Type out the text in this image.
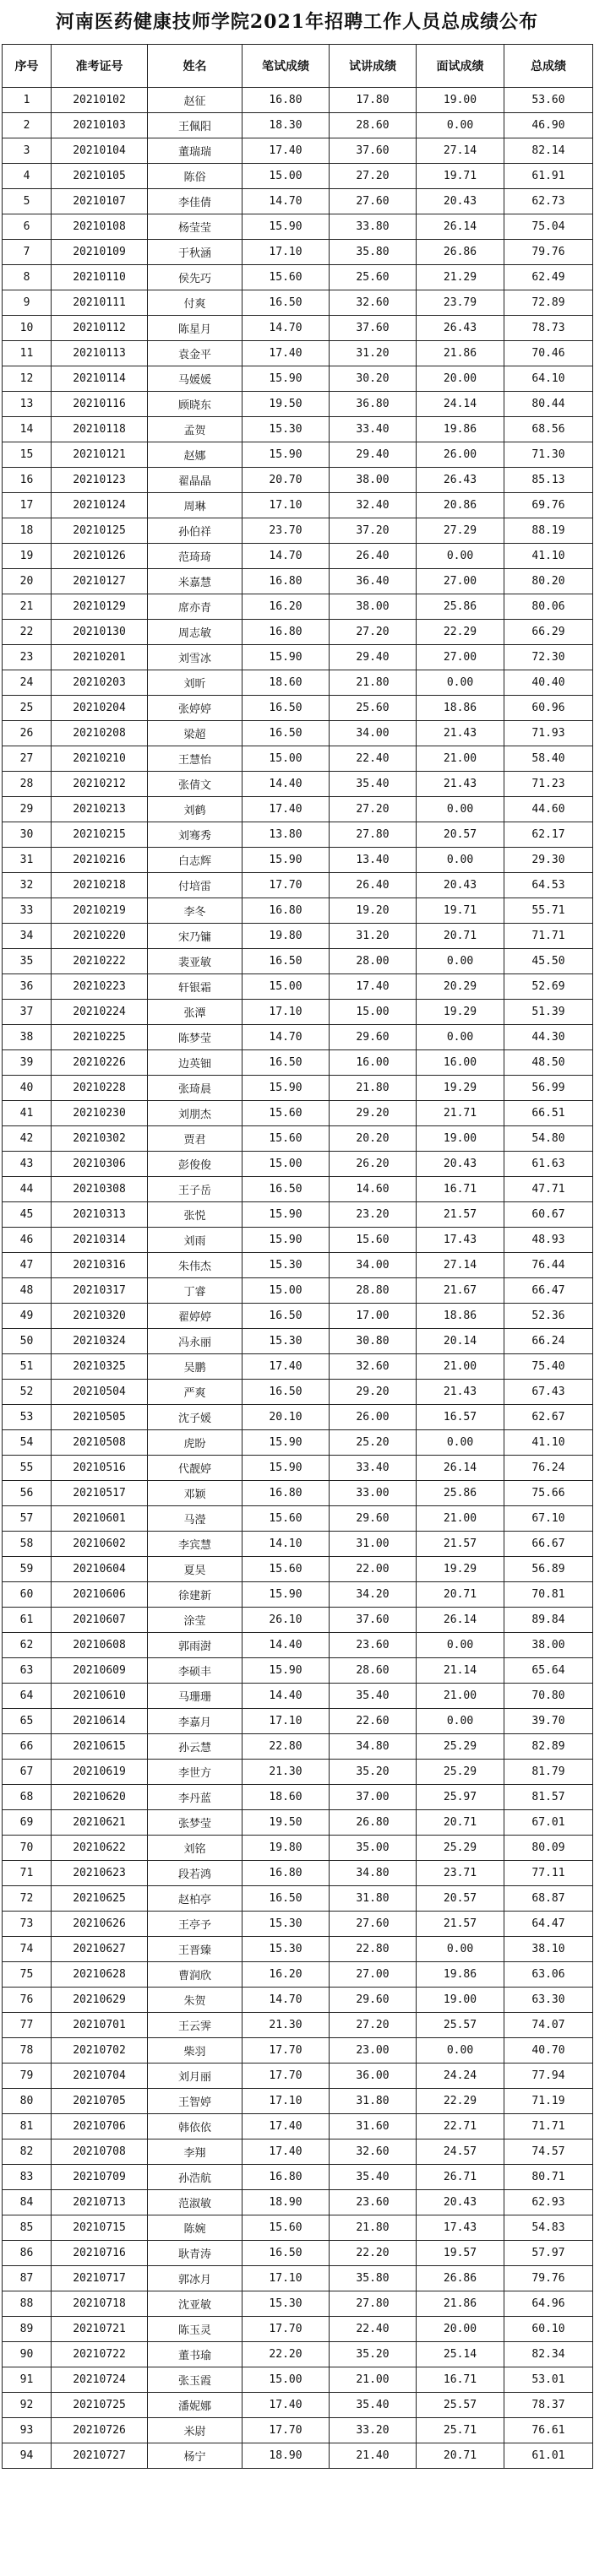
河南医药健康技师学院2021年招聘工作人员总成绩公布
序号	准考证号	姓名	笔试成绩	试讲成绩	面试成绩	总成绩
1	20210102	赵征	16.80	17.80	19.00	53.60
2	20210103	王佩阳	18.30	28.60	0.00	46.90
3	20210104	董瑞瑞	17.40	37.60	27.14	82.14
4	20210105	陈俗	15.00	27.20	19.71	61.91
5	20210107	李佳倩	14.70	27.60	20.43	62.73
6	20210108	杨莹莹	15.90	33.80	26.14	75.04
7	20210109	于秋涵	17.10	35.80	26.86	79.76
8	20210110	侯先巧	15.60	25.60	21.29	62.49
9	20210111	付爽	16.50	32.60	23.79	72.89
10	20210112	陈星月	14.70	37.60	26.43	78.73
11	20210113	袁金平	17.40	31.20	21.86	70.46
12	20210114	马媛媛	15.90	30.20	20.00	64.10
13	20210116	顾晓东	19.50	36.80	24.14	80.44
14	20210118	孟贺	15.30	33.40	19.86	68.56
15	20210121	赵娜	15.90	29.40	26.00	71.30
16	20210123	翟晶晶	20.70	38.00	26.43	85.13
17	20210124	周琳	17.10	32.40	20.86	69.76
18	20210125	孙伯祥	23.70	37.20	27.29	88.19
19	20210126	范琦琦	14.70	26.40	0.00	41.10
20	20210127	米嘉慧	16.80	36.40	27.00	80.20
21	20210129	席亦青	16.20	38.00	25.86	80.06
22	20210130	周志敏	16.80	27.20	22.29	66.29
23	20210201	刘雪冰	15.90	29.40	27.00	72.30
24	20210203	刘昕	18.60	21.80	0.00	40.40
25	20210204	张婷婷	16.50	25.60	18.86	60.96
26	20210208	梁超	16.50	34.00	21.43	71.93
27	20210210	王慧怡	15.00	22.40	21.00	58.40
28	20210212	张倩文	14.40	35.40	21.43	71.23
29	20210213	刘鹤	17.40	27.20	0.00	44.60
30	20210215	刘骞秀	13.80	27.80	20.57	62.17
31	20210216	白志辉	15.90	13.40	0.00	29.30
32	20210218	付培雷	17.70	26.40	20.43	64.53
33	20210219	李冬	16.80	19.20	19.71	55.71
34	20210220	宋乃镛	19.80	31.20	20.71	71.71
35	20210222	裴亚敏	16.50	28.00	0.00	45.50
36	20210223	轩银霜	15.00	17.40	20.29	52.69
37	20210224	张潭	17.10	15.00	19.29	51.39
38	20210225	陈梦莹	14.70	29.60	0.00	44.30
39	20210226	边英钿	16.50	16.00	16.00	48.50
40	20210228	张琦晨	15.90	21.80	19.29	56.99
41	20210230	刘朋杰	15.60	29.20	21.71	66.51
42	20210302	贾君	15.60	20.20	19.00	54.80
43	20210306	彭俊俊	15.00	26.20	20.43	61.63
44	20210308	王子岳	16.50	14.60	16.71	47.71
45	20210313	张悦	15.90	23.20	21.57	60.67
46	20210314	刘雨	15.90	15.60	17.43	48.93
47	20210316	朱伟杰	15.30	34.00	27.14	76.44
48	20210317	丁睿	15.00	28.80	21.67	66.47
49	20210320	翟婷婷	16.50	17.00	18.86	52.36
50	20210324	冯永丽	15.30	30.80	20.14	66.24
51	20210325	吴鹏	17.40	32.60	21.00	75.40
52	20210504	严爽	16.50	29.20	21.43	67.43
53	20210505	沈子媛	20.10	26.00	16.57	62.67
54	20210508	虎盼	15.90	25.20	0.00	41.10
55	20210516	代靓婷	15.90	33.40	26.14	76.24
56	20210517	邓颖	16.80	33.00	25.86	75.66
57	20210601	马瀅	15.60	29.60	21.00	67.10
58	20210602	李宾慧	14.10	31.00	21.57	66.67
59	20210604	夏昊	15.60	22.00	19.29	56.89
60	20210606	徐建新	15.90	34.20	20.71	70.81
61	20210607	涂莹	26.10	37.60	26.14	89.84
62	20210608	郭雨澍	14.40	23.60	0.00	38.00
63	20210609	李硕丰	15.90	28.60	21.14	65.64
64	20210610	马珊珊	14.40	35.40	21.00	70.80
65	20210614	李嘉月	17.10	22.60	0.00	39.70
66	20210615	孙云慧	22.80	34.80	25.29	82.89
67	20210619	李世方	21.30	35.20	25.29	81.79
68	20210620	李丹蓝	18.60	37.00	25.97	81.57
69	20210621	张梦莹	19.50	26.80	20.71	67.01
70	20210622	刘铭	19.80	35.00	25.29	80.09
71	20210623	段若鸿	16.80	34.80	23.71	77.11
72	20210625	赵柏亭	16.50	31.80	20.57	68.87
73	20210626	王亭予	15.30	27.60	21.57	64.47
74	20210627	王晋臻	15.30	22.80	0.00	38.10
75	20210628	曹润欣	16.20	27.00	19.86	63.06
76	20210629	朱贺	14.70	29.60	19.00	63.30
77	20210701	王云霁	21.30	27.20	25.57	74.07
78	20210702	柴羽	17.70	23.00	0.00	40.70
79	20210704	刘月丽	17.70	36.00	24.24	77.94
80	20210705	王智婷	17.10	31.80	22.29	71.19
81	20210706	韩依依	17.40	31.60	22.71	71.71
82	20210708	李翔	17.40	32.60	24.57	74.57
83	20210709	孙浩航	16.80	35.40	26.71	80.71
84	20210713	范淑敏	18.90	23.60	20.43	62.93
85	20210715	陈婉	15.60	21.80	17.43	54.83
86	20210716	耿青涛	16.50	22.20	19.57	57.97
87	20210717	郭冰月	17.10	35.80	26.86	79.76
88	20210718	沈亚敏	15.30	27.80	21.86	64.96
89	20210721	陈玉灵	17.70	22.40	20.00	60.10
90	20210722	董书瑜	22.20	35.20	25.14	82.34
91	20210724	张玉霞	15.00	21.00	16.71	53.01
92	20210725	潘妮娜	17.40	35.40	25.57	78.37
93	20210726	米尉	17.70	33.20	25.71	76.61
94	20210727	杨宁	18.90	21.40	20.71	61.01
